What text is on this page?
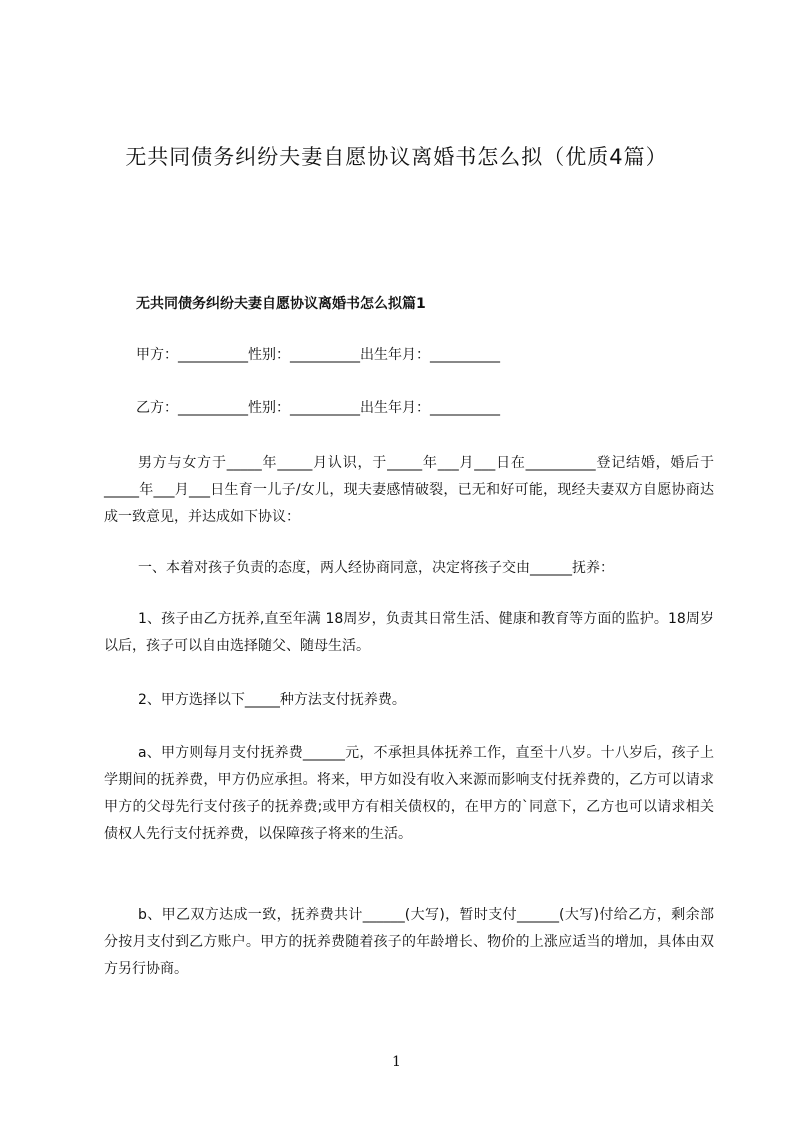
无共同债务纠纷夫妻自愿协议离婚书怎么拟（优质4篇）
无共同债务纠纷夫妻自愿协议离婚书怎么拟篇1
甲方：__________性别：__________出生年月：__________
乙方：__________性别：__________出生年月：__________

男方与女方于_____年_____月认识，于_____年___月___日在__________登记结婚，婚后于_____年___月___日生育一儿子/女儿，现夫妻感情破裂，已无和好可能，现经夫妻双方自愿协商达成一致意见，并达成如下协议：

一、本着对孩子负责的态度，两人经协商同意，决定将孩子交由______抚养：

1、孩子由乙方抚养,直至年满 18周岁，负责其日常生活、健康和教育等方面的监护。18周岁以后，孩子可以自由选择随父、随母生活。

2、甲方选择以下_____种方法支付抚养费。

a、甲方则每月支付抚养费______元，不承担具体抚养工作，直至十八岁。十八岁后，孩子上学期间的抚养费，甲方仍应承担。将来，甲方如没有收入来源而影响支付抚养费的，乙方可以请求甲方的父母先行支付孩子的抚养费;或甲方有相关债权的，在甲方的`同意下，乙方也可以请求相关债权人先行支付抚养费，以保障孩子将来的生活。

b、甲乙双方达成一致，抚养费共计______(大写)，暂时支付______(大写)付给乙方，剩余部分按月支付到乙方账户。甲方的抚养费随着孩子的年龄增长、物价的上涨应适当的增加，具体由双方另行协商。

1
